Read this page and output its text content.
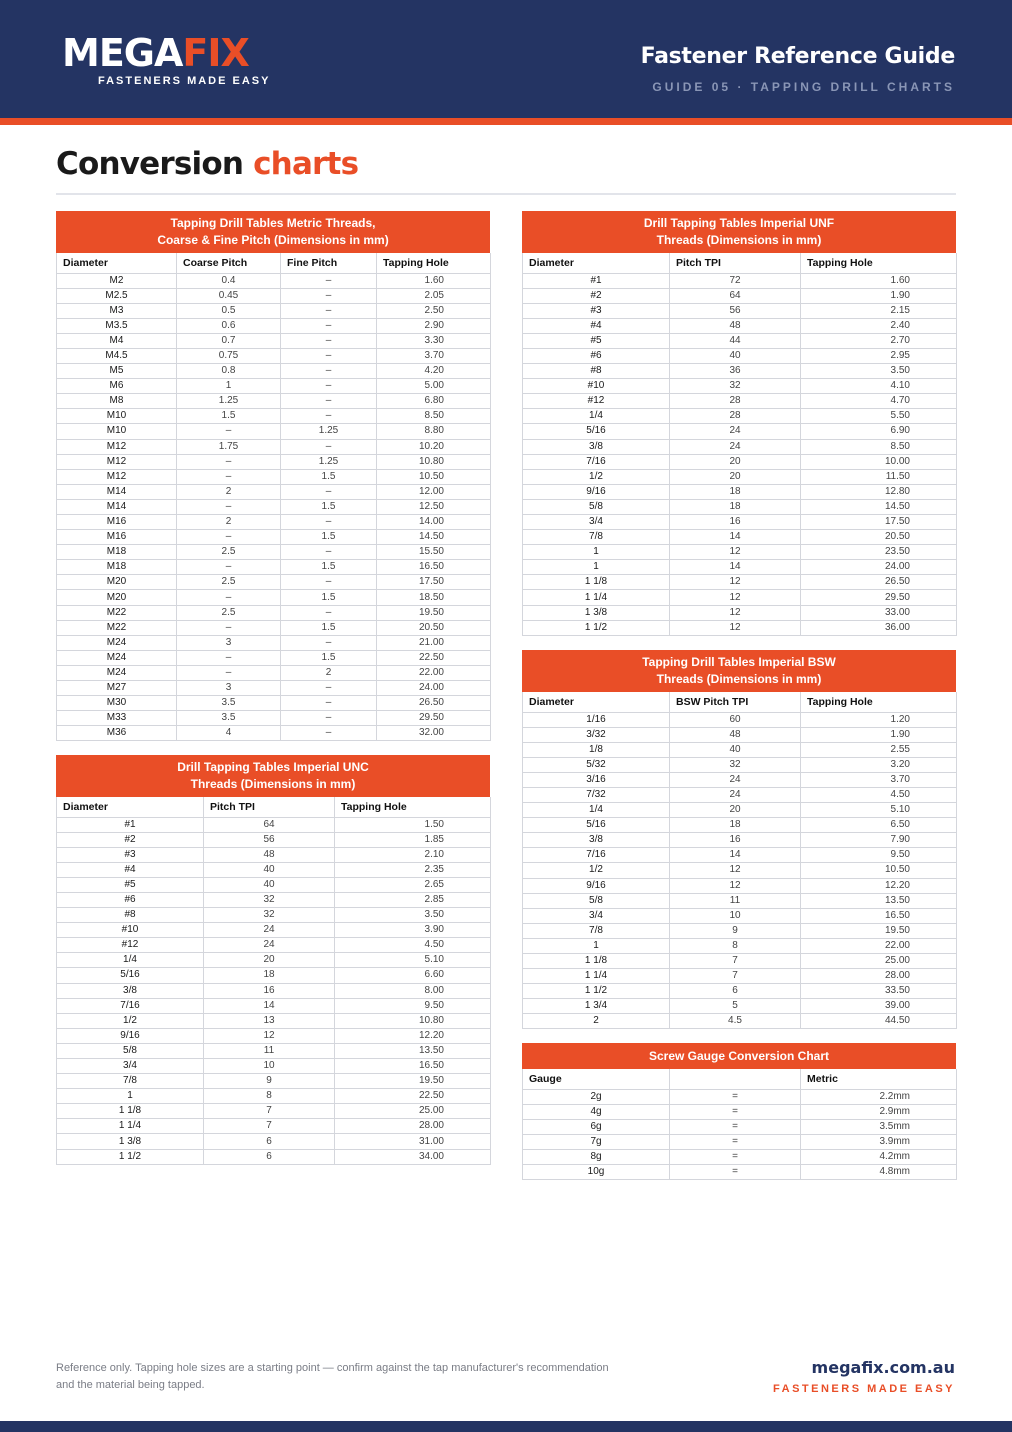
MEGAFIX
FASTENERS MADE EASY
Fastener Reference Guide
GUIDE 05 · TAPPING DRILL CHARTS
Conversion charts
Tapping Drill Tables Metric Threads,
Coarse & Fine Pitch (Dimensions in mm)
Diameter	Coarse Pitch	Fine Pitch	Tapping Hole
M2	0.4	–	1.60
M2.5	0.45	–	2.05
M3	0.5	–	2.50
M3.5	0.6	–	2.90
M4	0.7	–	3.30
M4.5	0.75	–	3.70
M5	0.8	–	4.20
M6	1	–	5.00
M8	1.25	–	6.80
M10	1.5	–	8.50
M10	–	1.25	8.80
M12	1.75	–	10.20
M12	–	1.25	10.80
M12	–	1.5	10.50
M14	2	–	12.00
M14	–	1.5	12.50
M16	2	–	14.00
M16	–	1.5	14.50
M18	2.5	–	15.50
M18	–	1.5	16.50
M20	2.5	–	17.50
M20	–	1.5	18.50
M22	2.5	–	19.50
M22	–	1.5	20.50
M24	3	–	21.00
M24	–	1.5	22.50
M24	–	2	22.00
M27	3	–	24.00
M30	3.5	–	26.50
M33	3.5	–	29.50
M36	4	–	32.00
Drill Tapping Tables Imperial UNC
Threads (Dimensions in mm)
Diameter	Pitch TPI	Tapping Hole
#1	64	1.50
#2	56	1.85
#3	48	2.10
#4	40	2.35
#5	40	2.65
#6	32	2.85
#8	32	3.50
#10	24	3.90
#12	24	4.50
1/4	20	5.10
5/16	18	6.60
3/8	16	8.00
7/16	14	9.50
1/2	13	10.80
9/16	12	12.20
5/8	11	13.50
3/4	10	16.50
7/8	9	19.50
1	8	22.50
1 1/8	7	25.00
1 1/4	7	28.00
1 3/8	6	31.00
1 1/2	6	34.00
Drill Tapping Tables Imperial UNF
Threads (Dimensions in mm)
Diameter	Pitch TPI	Tapping Hole
#1	72	1.60
#2	64	1.90
#3	56	2.15
#4	48	2.40
#5	44	2.70
#6	40	2.95
#8	36	3.50
#10	32	4.10
#12	28	4.70
1/4	28	5.50
5/16	24	6.90
3/8	24	8.50
7/16	20	10.00
1/2	20	11.50
9/16	18	12.80
5/8	18	14.50
3/4	16	17.50
7/8	14	20.50
1	12	23.50
1	14	24.00
1 1/8	12	26.50
1 1/4	12	29.50
1 3/8	12	33.00
1 1/2	12	36.00
Tapping Drill Tables Imperial BSW
Threads (Dimensions in mm)
Diameter	BSW Pitch TPI	Tapping Hole
1/16	60	1.20
3/32	48	1.90
1/8	40	2.55
5/32	32	3.20
3/16	24	3.70
7/32	24	4.50
1/4	20	5.10
5/16	18	6.50
3/8	16	7.90
7/16	14	9.50
1/2	12	10.50
9/16	12	12.20
5/8	11	13.50
3/4	10	16.50
7/8	9	19.50
1	8	22.00
1 1/8	7	25.00
1 1/4	7	28.00
1 1/2	6	33.50
1 3/4	5	39.00
2	4.5	44.50
Screw Gauge Conversion Chart
Gauge		Metric
2g	=	2.2mm
4g	=	2.9mm
6g	=	3.5mm
7g	=	3.9mm
8g	=	4.2mm
10g	=	4.8mm
Reference only. Tapping hole sizes are a starting point — confirm against the tap manufacturer's recommendation and the material being tapped.
megafix.com.au
FASTENERS MADE EASY
